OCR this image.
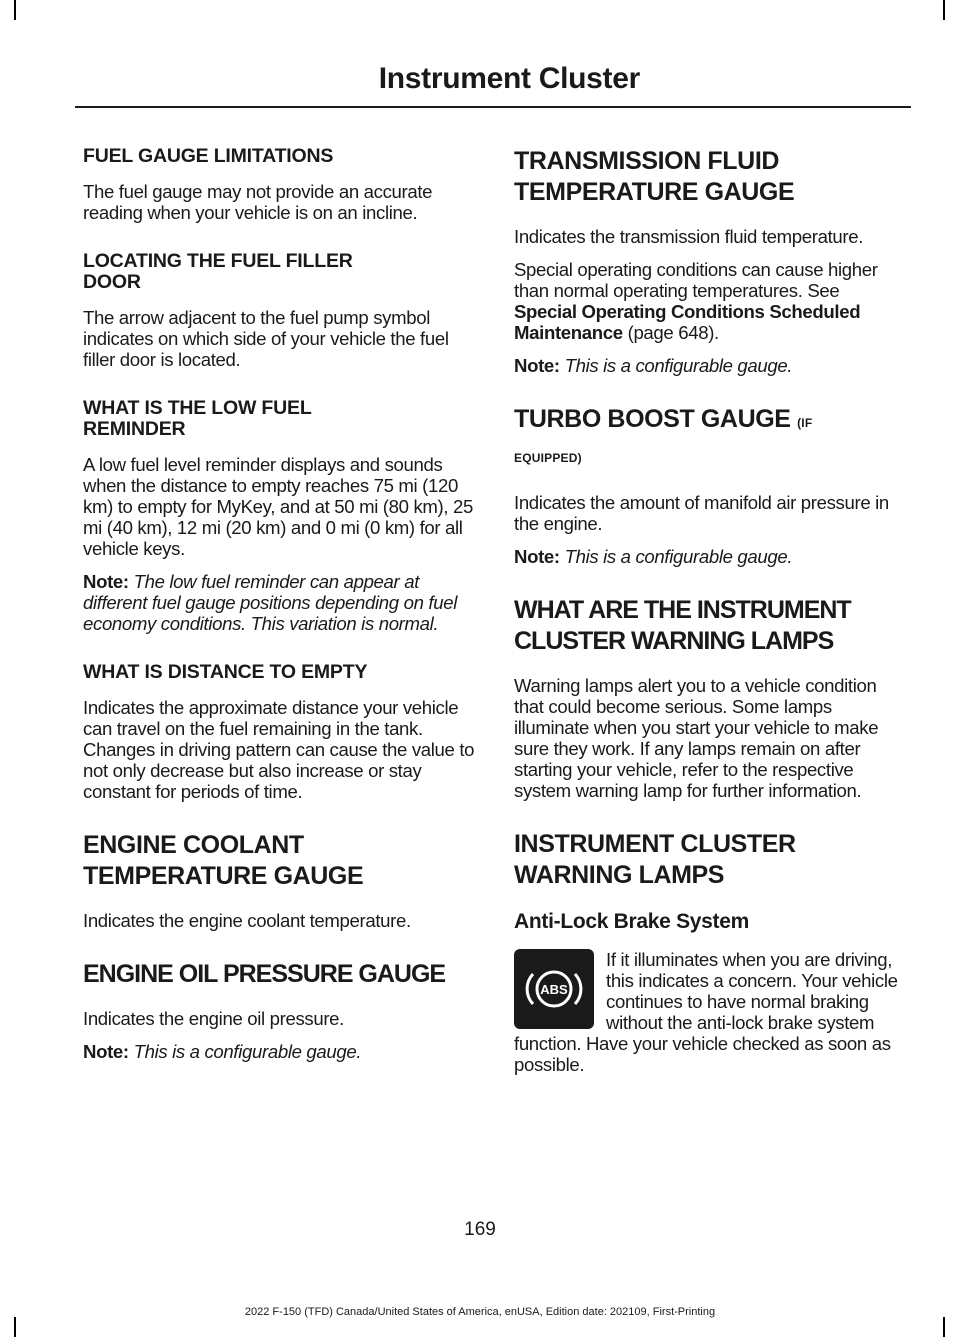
Instrument Cluster
FUEL GAUGE LIMITATIONS

The fuel gauge may not provide an accurate reading when your vehicle is on an incline.

LOCATING THE FUEL FILLER
DOOR

The arrow adjacent to the fuel pump symbol indicates on which side of your vehicle the fuel filler door is located.

WHAT IS THE LOW FUEL
REMINDER

A low fuel level reminder displays and sounds when the distance to empty reaches 75 mi (120 km) to empty for MyKey, and at 50 mi (80 km), 25 mi (40 km), 12 mi (20 km) and 0 mi (0 km) for all vehicle keys.

Note: The low fuel reminder can appear at different fuel gauge positions depending on fuel economy conditions. This variation is normal.

WHAT IS DISTANCE TO EMPTY

Indicates the approximate distance your vehicle can travel on the fuel remaining in the tank. Changes in driving pattern can cause the value to not only decrease but also increase or stay constant for periods of time.

ENGINE COOLANT
TEMPERATURE GAUGE

Indicates the engine coolant temperature.

ENGINE OIL PRESSURE GAUGE

Indicates the engine oil pressure.

Note: This is a configurable gauge.

TRANSMISSION FLUID
TEMPERATURE GAUGE

Indicates the transmission fluid temperature.

Special operating conditions can cause higher than normal operating temperatures. See Special Operating Conditions Scheduled Maintenance (page 648).

Note: This is a configurable gauge.

TURBO BOOST GAUGE (IF
EQUIPPED)

Indicates the amount of manifold air pressure in the engine.

Note: This is a configurable gauge.

WHAT ARE THE INSTRUMENT
CLUSTER WARNING LAMPS

Warning lamps alert you to a vehicle condition that could become serious. Some lamps illuminate when you start your vehicle to make sure they work. If any lamps remain on after starting your vehicle, refer to the respective system warning lamp for further information.

INSTRUMENT CLUSTER
WARNING LAMPS
Anti-Lock Brake System
ABS

If it illuminates when you are driving, this indicates a concern. Your vehicle continues to have normal braking without the anti-lock brake system function. Have your vehicle checked as soon as possible.

169
2022 F-150 (TFD) Canada/United States of America, enUSA, Edition date: 202109, First-Printing
